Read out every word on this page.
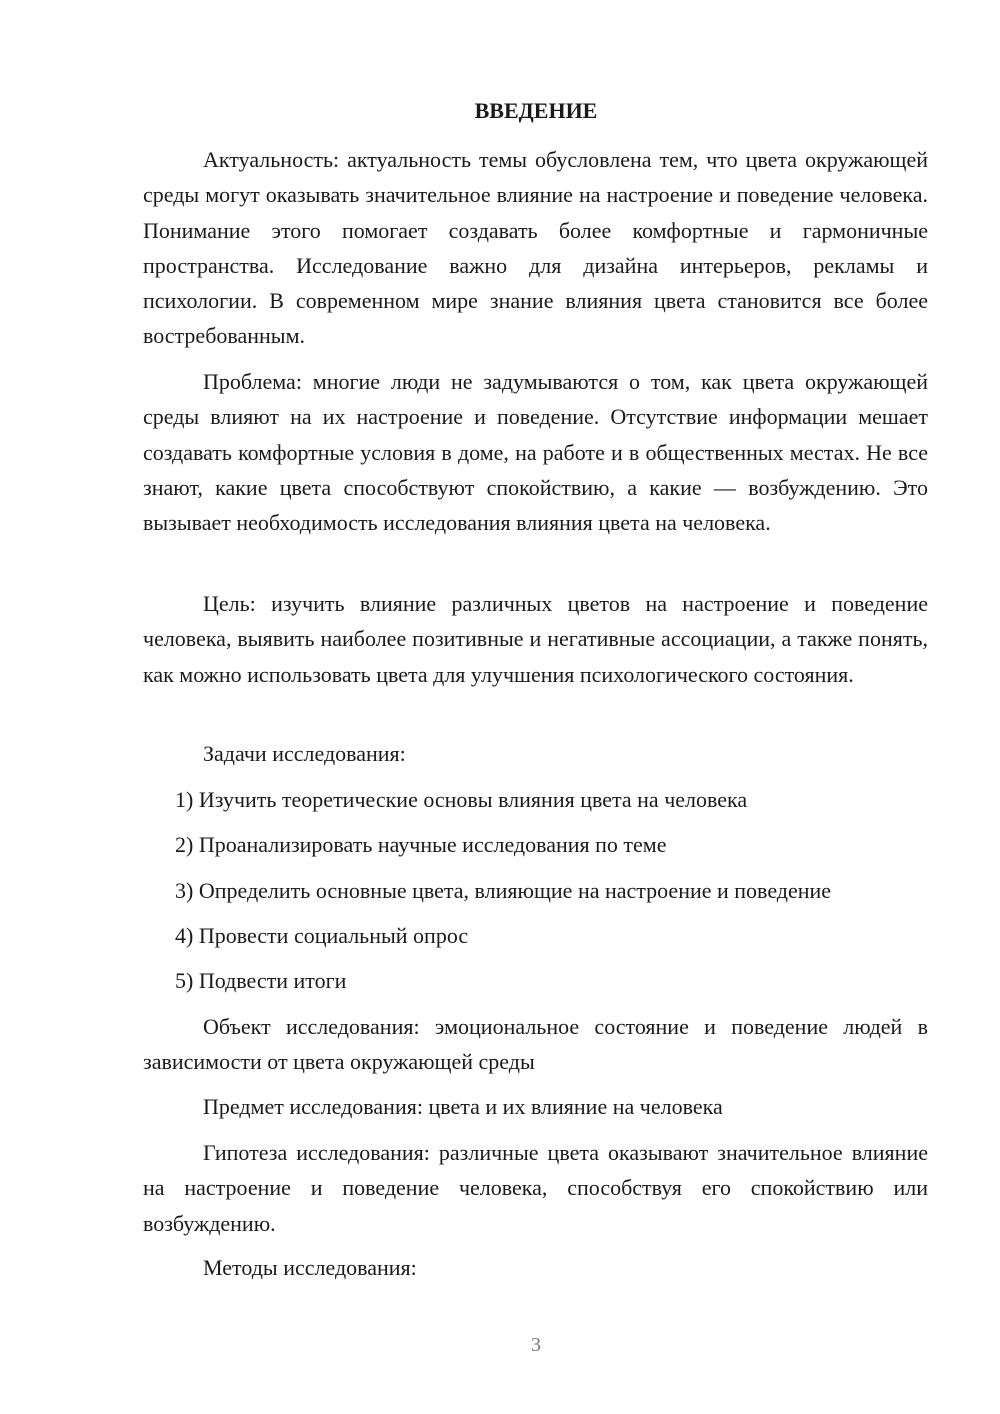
ВВЕДЕНИЕ
Актуальность: актуальность темы обусловлена тем, что цвета окружающей среды могут оказывать значительное влияние на настроение и поведение человека. Понимание этого помогает создавать более комфортные и гармоничные пространства. Исследование важно для дизайна интерьеров, рекламы и психологии. В современном мире знание влияния цвета становится все более востребованным.
Проблема: многие люди не задумываются о том, как цвета окружающей среды влияют на их настроение и поведение. Отсутствие информации мешает создавать комфортные условия в доме, на работе и в общественных местах. Не все знают, какие цвета способствуют спокойствию, а какие — возбуждению. Это вызывает необходимость исследования влияния цвета на человека.
Цель: изучить влияние различных цветов на настроение и поведение человека, выявить наиболее позитивные и негативные ассоциации, а также понять, как можно использовать цвета для улучшения психологического состояния.
Задачи исследования:
1) Изучить теоретические основы влияния цвета на человека
2) Проанализировать научные исследования по теме
3) Определить основные цвета, влияющие на настроение и поведение
4) Провести социальный опрос
5) Подвести итоги
Объект исследования: эмоциональное состояние и поведение людей в зависимости от цвета окружающей среды
Предмет исследования: цвета и их влияние на человека
Гипотеза исследования: различные цвета оказывают значительное влияние на настроение и поведение человека, способствуя его спокойствию или возбуждению.
Методы исследования:
3
